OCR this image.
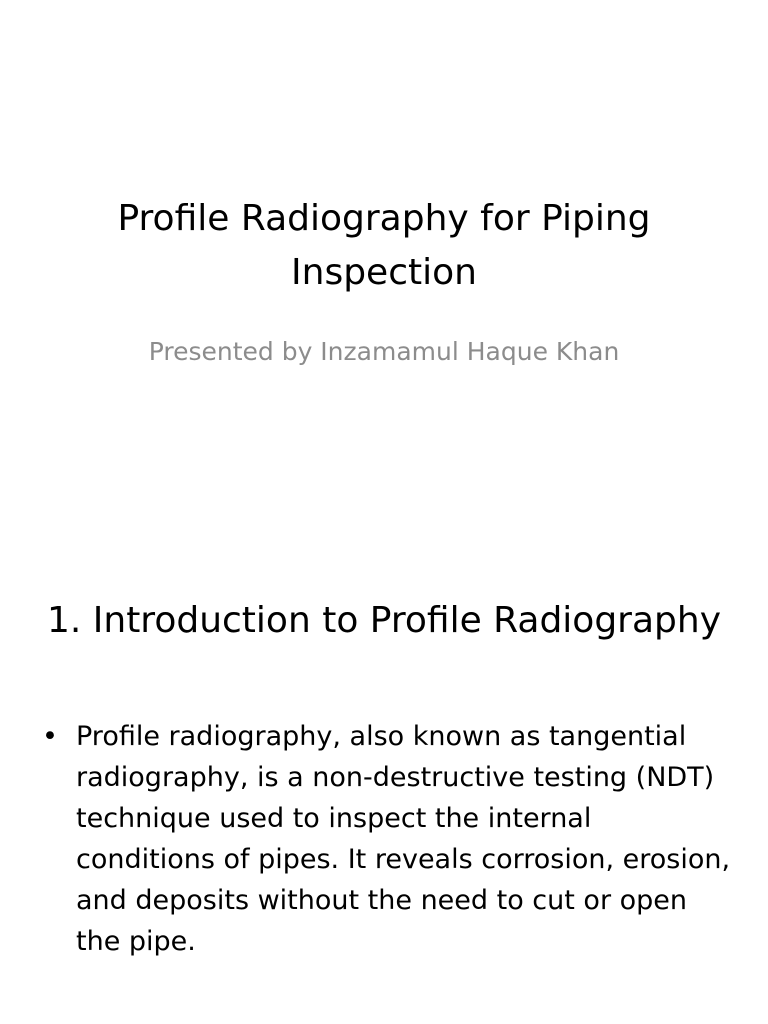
Profile Radiography for Piping Inspection

Presented by Inzamamul Haque Khan

1. Introduction to Profile Radiography
• Profile radiography, also known as tangential radiography, is a non-destructive testing (NDT) technique used to inspect the internal conditions of pipes. It reveals corrosion, erosion, and deposits without the need to cut or open the pipe.
